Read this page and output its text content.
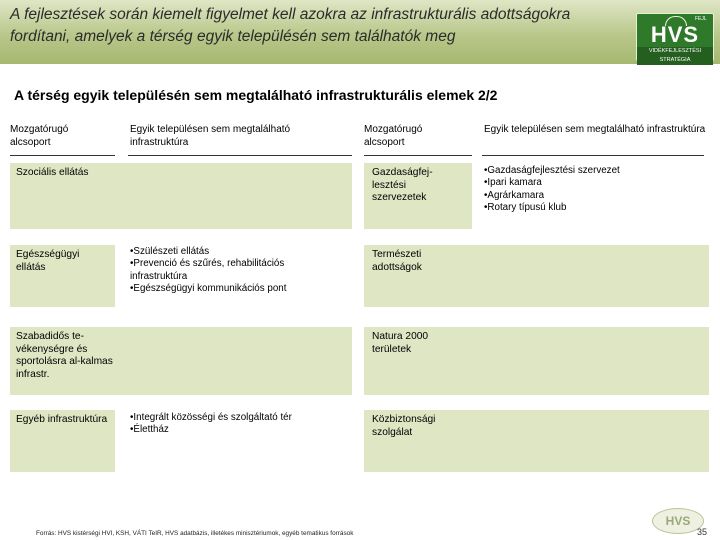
A fejlesztések során kiemelt figyelmet kell azokra az infrastrukturális adottságokra
fordítani, amelyek a térség egyik településén sem találhatók meg
FEJL
HVS
VIDÉKFEJLESZTÉSI STRATÉGIA
A térség egyik településén sem megtalálható infrastrukturális elemek 2/2
Mozgatórugó alcsoport
Egyik településen sem megtalálható infrastruktúra
Mozgatórugó alcsoport
Egyik településen sem megtalálható infrastruktúra
Szociális ellátás
Egészségügyi ellátás
•Szülészeti ellátás
•Prevenció és szűrés, rehabilitációs
infrastruktúra
•Egészségügyi kommunikációs pont
Szabadidős te-vékenységre és sportolásra al-kalmas infrastr.
Egyéb infrastruktúra	•Integrált közösségi és szolgáltató tér
•Élettház
Gazdaságfej-lesztési szervezetek
•Gazdaságfejlesztési szervezet
•Ipari kamara
•Agrárkamara
•Rotary típusú klub
Természeti adottságok
Natura 2000 területek
Közbiztonsági szolgálat
Forrás: HVS kistérségi HVI, KSH, VÁTI TeIR, HVS adatbázis, illetékes minisztériumok, egyéb tematikus források
HVS
35
